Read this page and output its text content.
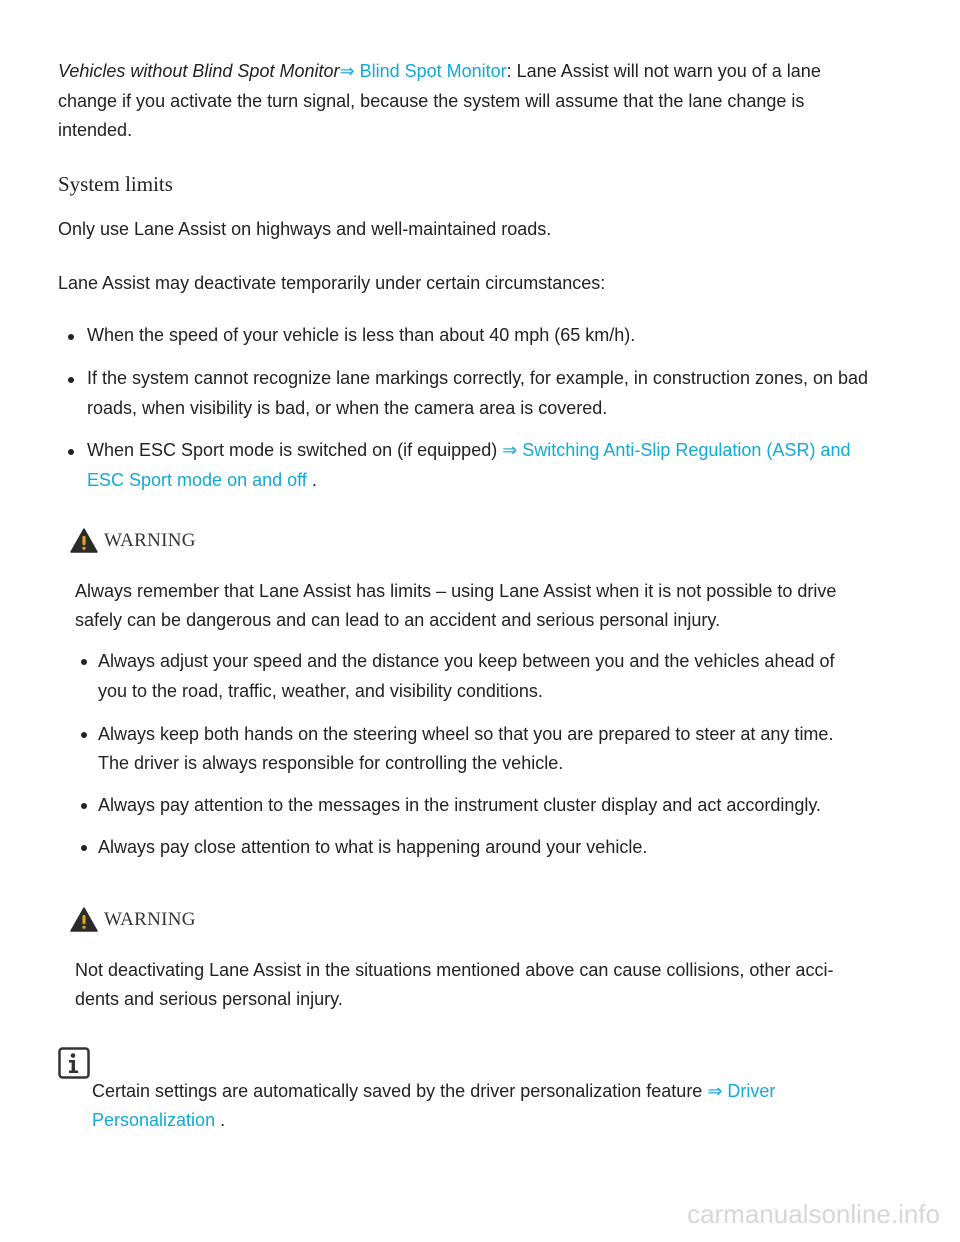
Vehicles without Blind Spot Monitor⇒ Blind Spot Monitor: Lane Assist will not warn you of a lane

change if you activate the turn signal, because the system will assume that the lane change is

intended.

System limits

Only use Lane Assist on highways and well-maintained roads.

Lane Assist may deactivate temporarily under certain circumstances:

When the speed of your vehicle is less than about 40 mph (65 km/h).

If the system cannot recognize lane markings correctly, for example, in construction zones, on bad

roads, when visibility is bad, or when the camera area is covered.

When ESC Sport mode is switched on (if equipped) ⇒ Switching Anti-Slip Regulation (ASR) and

ESC Sport mode on and off .

WARNING

Always remember that Lane Assist has limits – using Lane Assist when it is not possible to drive

safely can be dangerous and can lead to an accident and serious personal injury.

Always adjust your speed and the distance you keep between you and the vehicles ahead of

you to the road, traffic, weather, and visibility conditions.

Always keep both hands on the steering wheel so that you are prepared to steer at any time.

The driver is always responsible for controlling the vehicle.

Always pay attention to the messages in the instrument cluster display and act accordingly.

Always pay close attention to what is happening around your vehicle.

WARNING

Not deactivating Lane Assist in the situations mentioned above can cause collisions, other acci-

dents and serious personal injury.

Certain settings are automatically saved by the driver personalization feature ⇒ Driver

Personalization .

carmanualsonline.info
